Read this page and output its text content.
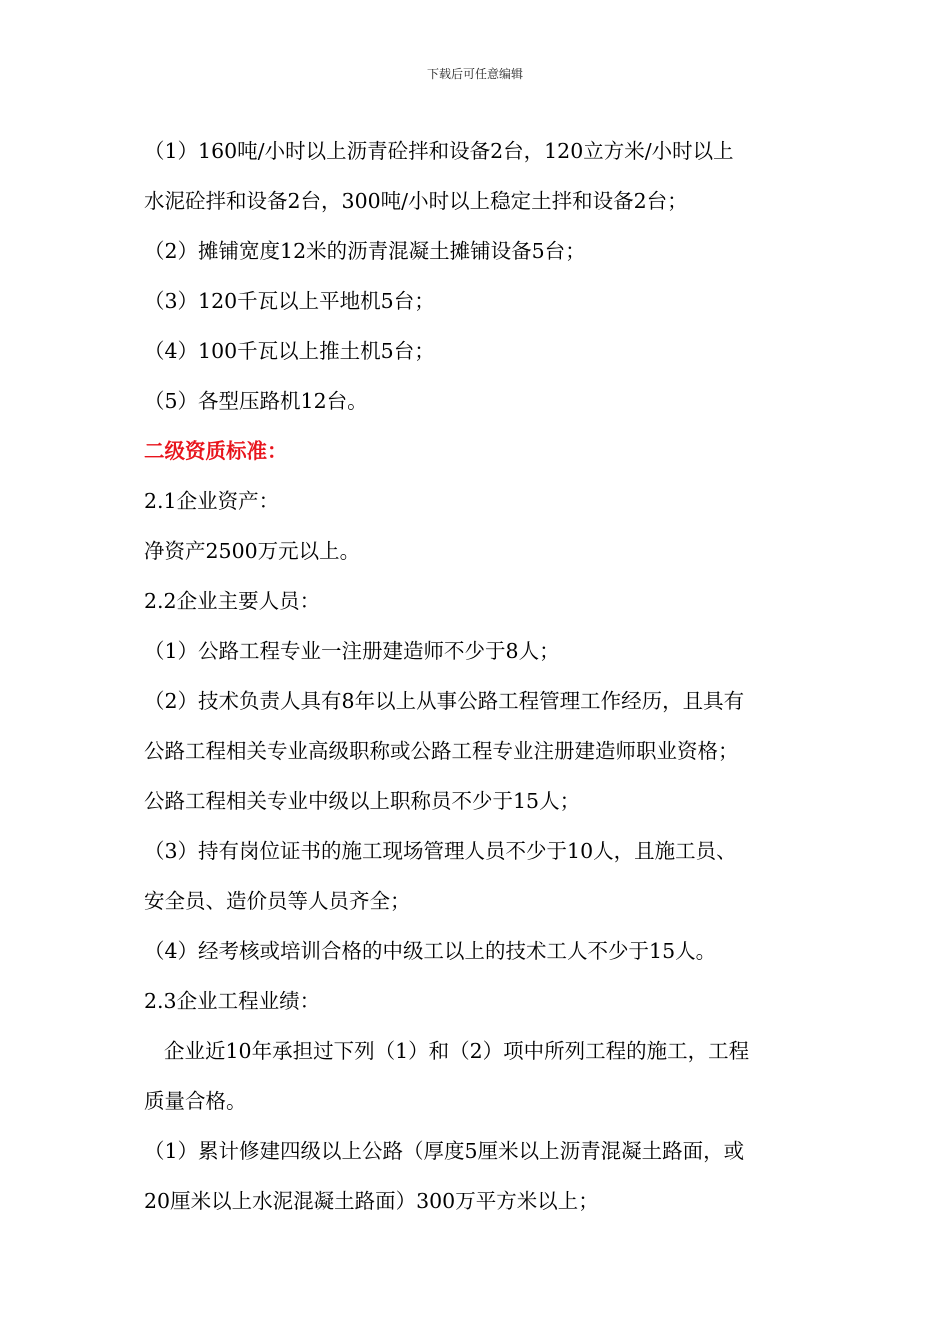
下载后可任意编辑
（1）160吨/小时以上沥青砼拌和设备2台，120立方米/小时以上
水泥砼拌和设备2台，300吨/小时以上稳定土拌和设备2台；
（2）摊铺宽度12米的沥青混凝土摊铺设备5台；
（3）120千瓦以上平地机5台；
（4）100千瓦以上推土机5台；
（5）各型压路机12台。
二级资质标准：
2.1企业资产：
净资产2500万元以上。
2.2企业主要人员：
（1）公路工程专业一注册建造师不少于8人；
（2）技术负责人具有8年以上从事公路工程管理工作经历，且具有
公路工程相关专业高级职称或公路工程专业注册建造师职业资格；
公路工程相关专业中级以上职称员不少于15人；
（3）持有岗位证书的施工现场管理人员不少于10人，且施工员、
安全员、造价员等人员齐全；
（4）经考核或培训合格的中级工以上的技术工人不少于15人。
2.3企业工程业绩：
企业近10年承担过下列（1）和（2）项中所列工程的施工，工程
质量合格。
（1）累计修建四级以上公路（厚度5厘米以上沥青混凝土路面，或
20厘米以上水泥混凝土路面）300万平方米以上；
